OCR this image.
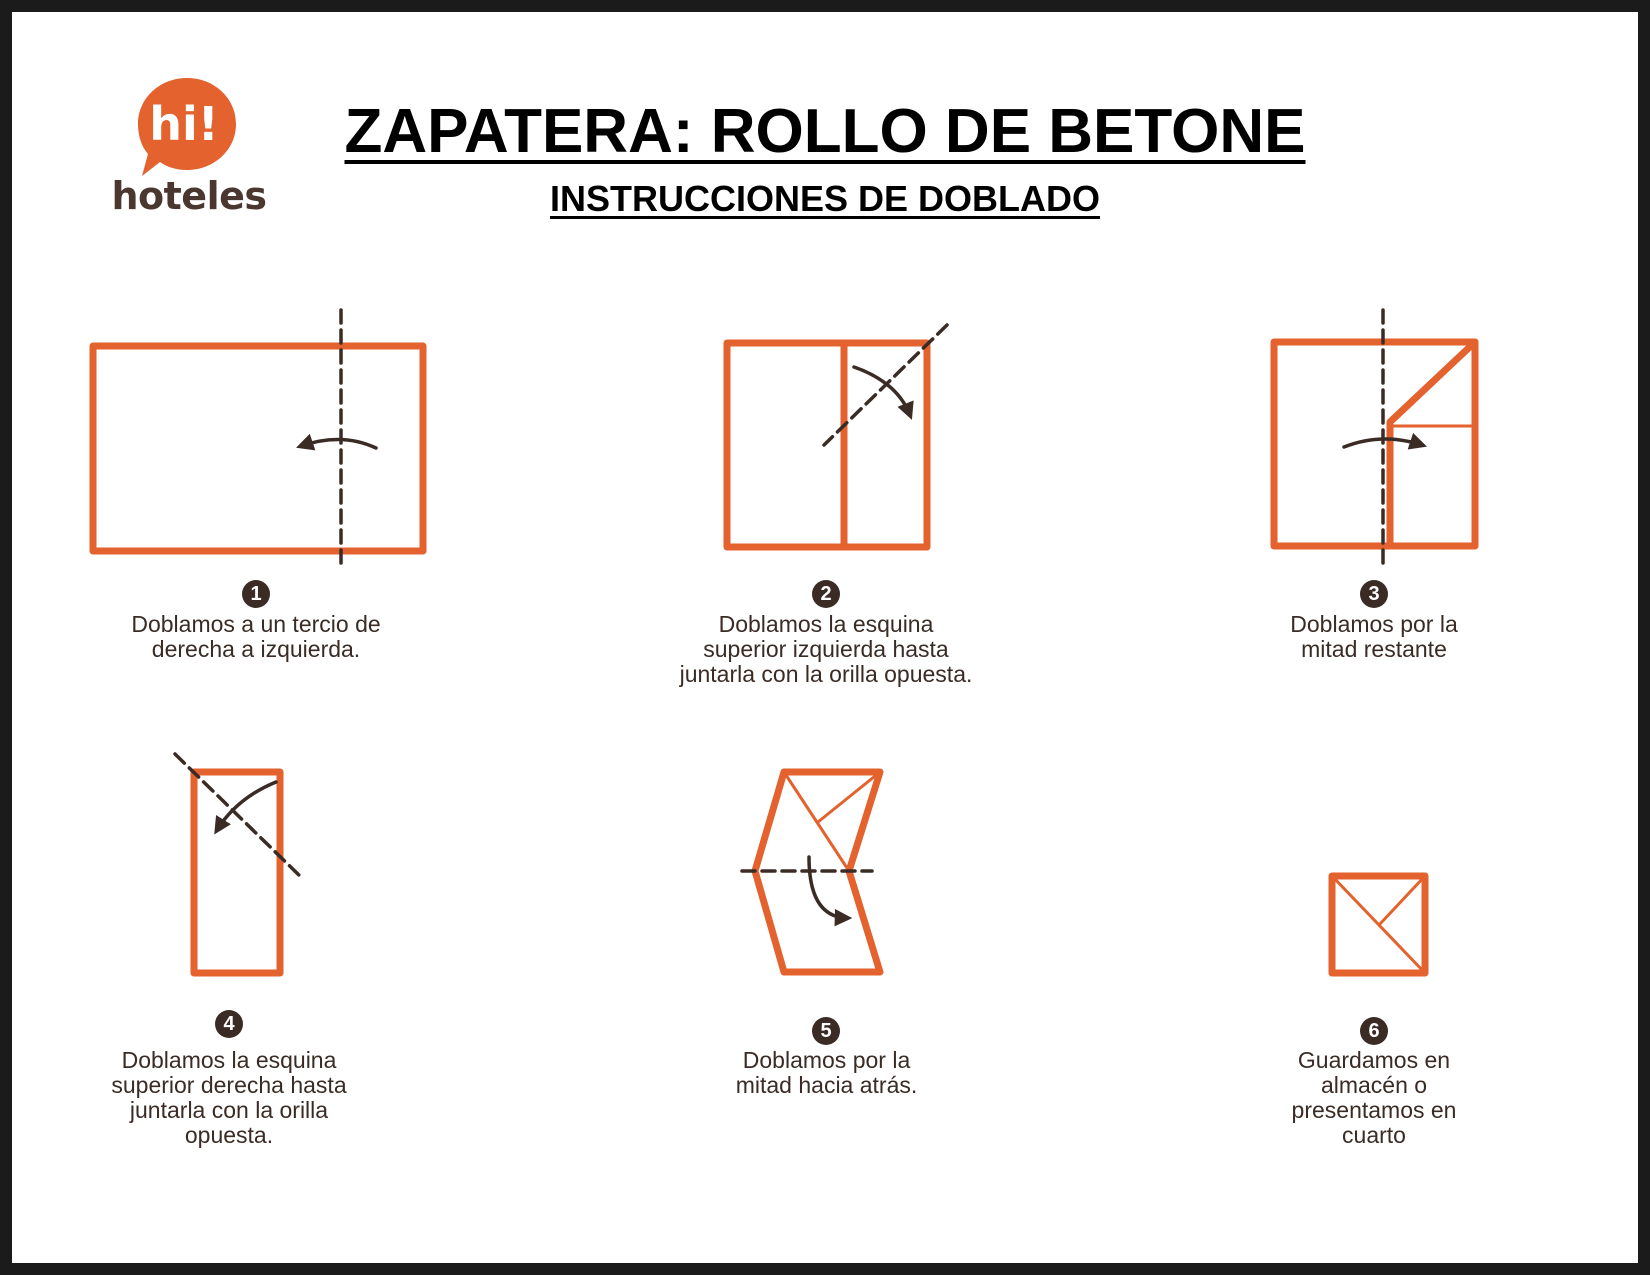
hi!
hoteles
ZAPATERA: ROLLO DE BETONE
INSTRUCCIONES DE DOBLADO
1
Doblamos a un tercio de derecha a izquierda.
2
Doblamos la esquina superior izquierda hasta juntarla con la orilla opuesta.
3
Doblamos por la mitad restante
4
Doblamos la esquina superior derecha hasta juntarla con la orilla opuesta.
5
Doblamos por la mitad hacia atrás.
6
Guardamos en almacén o presentamos en cuarto
